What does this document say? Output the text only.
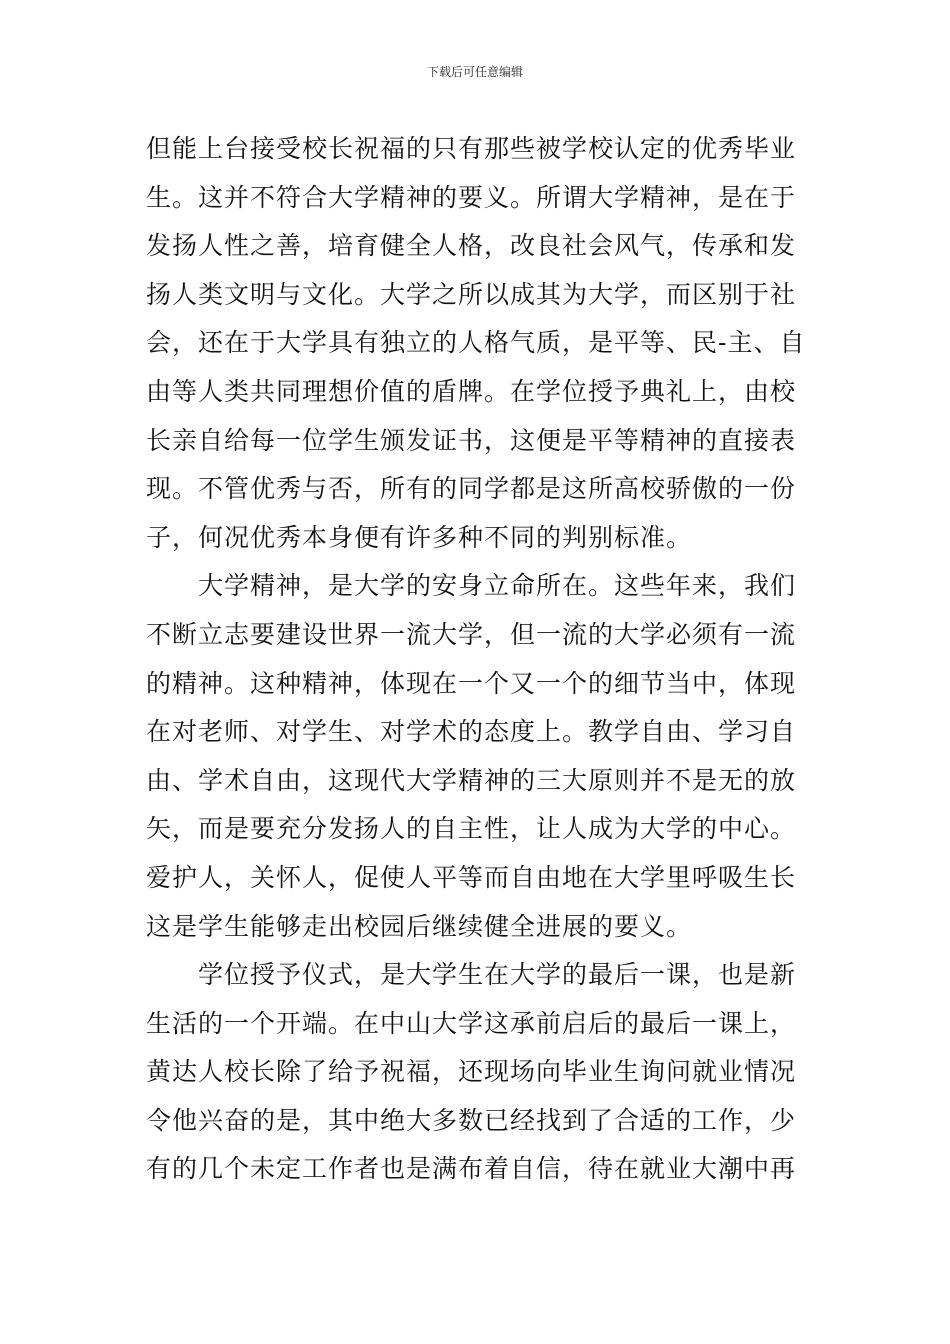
下载后可任意编辑
但能上台接受校长祝福的只有那些被学校认定的优秀毕业
生。这并不符合大学精神的要义。所谓大学精神，是在于
发扬人性之善，培育健全人格，改良社会风气，传承和发
扬人类文明与文化。大学之所以成其为大学，而区别于社
会，还在于大学具有独立的人格气质，是平等、民-主、自
由等人类共同理想价值的盾牌。在学位授予典礼上，由校
长亲自给每一位学生颁发证书，这便是平等精神的直接表
现。不管优秀与否，所有的同学都是这所高校骄傲的一份
子，何况优秀本身便有许多种不同的判别标准。
大学精神，是大学的安身立命所在。这些年来，我们
不断立志要建设世界一流大学，但一流的大学必须有一流
的精神。这种精神，体现在一个又一个的细节当中，体现
在对老师、对学生、对学术的态度上。教学自由、学习自
由、学术自由，这现代大学精神的三大原则并不是无的放
矢，而是要充分发扬人的自主性，让人成为大学的中心。
爱护人，关怀人，促使人平等而自由地在大学里呼吸生长
这是学生能够走出校园后继续健全进展的要义。
学位授予仪式，是大学生在大学的最后一课，也是新
生活的一个开端。在中山大学这承前启后的最后一课上，
黄达人校长除了给予祝福，还现场向毕业生询问就业情况
令他兴奋的是，其中绝大多数已经找到了合适的工作，少
有的几个未定工作者也是满布着自信，待在就业大潮中再
